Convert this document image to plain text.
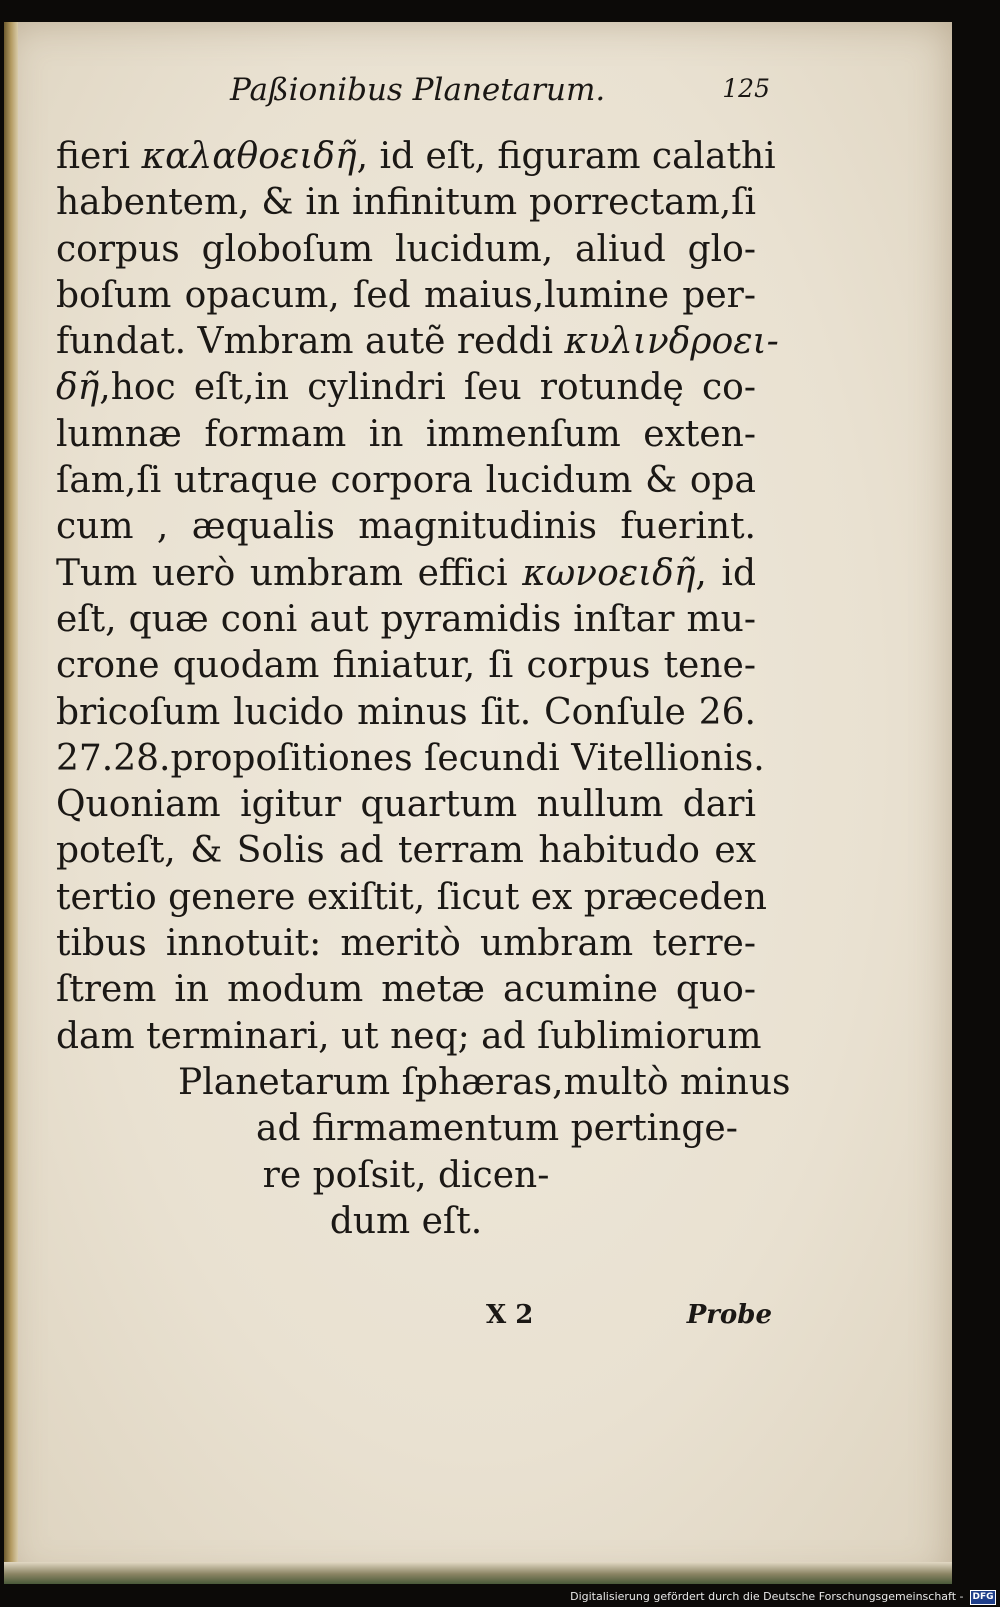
Paßionibus Planetarum.	125
fieri καλαθοειδῆ, id eſt, figuram calathi
habentem, & in infinitum porrectam,ſi
corpus globoſum lucidum, aliud glo-
boſum opacum, ſed maius,lumine per-
fundat. Vmbram autẽ reddi κυλινδροει-
δῆ,hoc eſt,in cylindri ſeu rotundę co-
lumnæ formam in immenſum exten-
ſam,ſi utraque corpora lucidum & opa
cum , æqualis magnitudinis fuerint.
Tum uerò umbram effici κωνοειδῆ, id
eſt, quæ coni aut pyramidis inſtar mu-
crone quodam finiatur, ſi corpus tene-
bricoſum lucido minus ſit. Conſule 26.
27.28.propoſitiones ſecundi Vitellionis.
Quoniam igitur quartum nullum dari
poteſt, & Solis ad terram habitudo ex
tertio genere exiſtit, ſicut ex præceden
tibus innotuit: meritò umbram terre-
ſtrem in modum metæ acumine quo-
dam terminari, ut neq; ad ſublimiorum
Planetarum ſphæras,multò minus
ad firmamentum pertinge-
re poſsit, dicen-
dum eſt.
X 2	Probe
Digitalisierung gefördert durch die Deutsche Forschungsgemeinschaft - DFG
